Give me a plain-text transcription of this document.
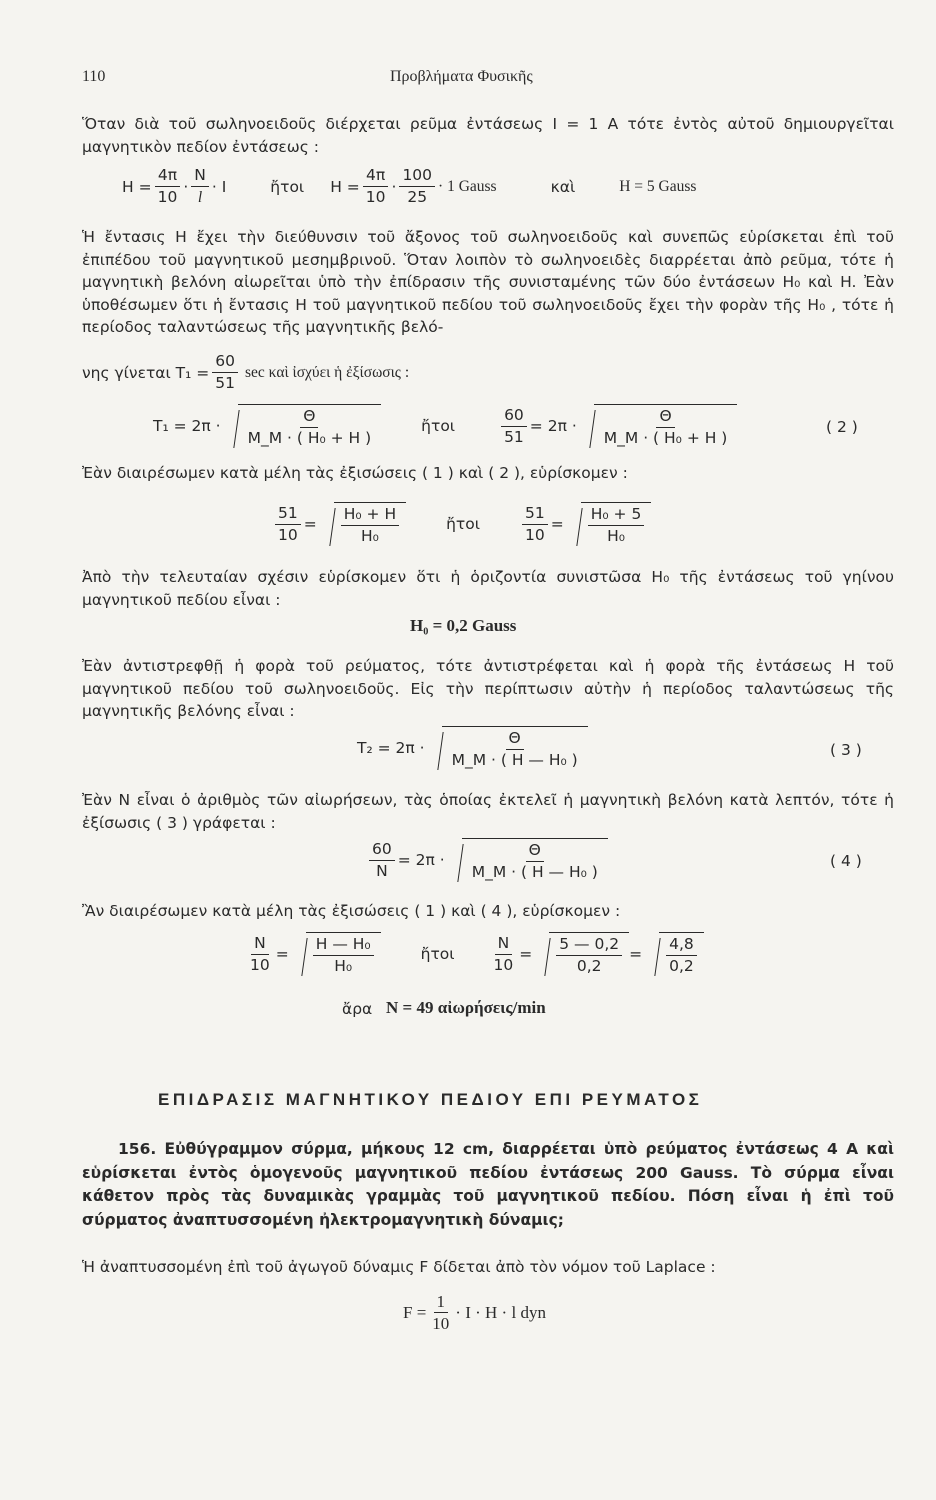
110	Προβλήματα Φυσικῆς
Ὅταν διὰ τοῦ σωληνοειδοῦς διέρχεται ρεῦμα ἐντάσεως I = 1 A τότε ἐντὸς αὐτοῦ δημιουργεῖται μαγνητικὸν πεδίον ἐντάσεως :
$H = \frac{4\pi}{10} \cdot \frac{N}{l} \cdot I$	ἤτοι $H = \frac{4\pi}{10} \cdot \frac{100}{25} \cdot 1$ Gauss	καὶ	H = 5 Gauss
Ἡ ἔντασις H ἔχει τὴν διεύθυνσιν τοῦ ἄξονος τοῦ σωληνοειδοῦς καὶ συνεπῶς εὑρίσκεται ἐπὶ τοῦ ἐπιπέδου τοῦ μαγνητικοῦ μεσημβρινοῦ. Ὅταν λοιπὸν τὸ σωληνοειδὲς διαρρέεται ἀπὸ ρεῦμα, τότε ἡ μαγνητικὴ βελόνη αἰωρεῖται ὑπὸ τὴν ἐπίδρασιν τῆς συνισταμένης τῶν δύο ἐντάσεων H₀ καὶ H. Ἐὰν ὑποθέσωμεν ὅτι ἡ ἔντασις H τοῦ μαγνητικοῦ πεδίου τοῦ σωληνοειδοῦς ἔχει τὴν φορὰν τῆς H₀ , τότε ἡ περίοδος ταλαντώσεως τῆς μαγνητικῆς βελό-
νης γίνεται $T_1 = \frac{60}{51}$ sec καὶ ἰσχύει ἡ ἐξίσωσις :
$T_1 = 2\pi \cdot \frac{\Theta}{\text{M\_M · ( H₀ + H )}}$	ἤτοι	$\frac{60}{51} = 2\pi \cdot \frac{\Theta}{\text{M\_M · ( H₀ + H )}}$	( 2 )
Ἐὰν διαιρέσωμεν κατὰ μέλη τὰς ἐξισώσεις ( 1 ) καὶ ( 2 ), εὑρίσκομεν :
$\frac{51}{10} = \frac{\text{H₀ + H}}{\text{H₀}}$	ἤτοι	$\frac{51}{10} = \frac{\text{H₀ + 5}}{\text{H₀}}$
Ἀπὸ τὴν τελευταίαν σχέσιν εὑρίσκομεν ὅτι ἡ ὁριζοντία συνιστῶσα H₀ τῆς ἐντάσεως τοῦ γηίνου μαγνητικοῦ πεδίου εἶναι :
H₀ = 0,2 Gauss
Ἐὰν ἀντιστρεφθῇ ἡ φορὰ τοῦ ρεύματος, τότε ἀντιστρέφεται καὶ ἡ φορὰ τῆς ἐντάσεως H τοῦ μαγνητικοῦ πεδίου τοῦ σωληνοειδοῦς. Εἰς τὴν περίπτωσιν αὐτὴν ἡ περίοδος ταλαντώσεως τῆς μαγνητικῆς βελόνης εἶναι :
$T_2 = 2\pi \cdot \frac{\Theta}{\text{M\_M · ( H — H₀ )}}$	( 3 )
Ἐὰν N εἶναι ὁ ἀριθμὸς τῶν αἰωρήσεων, τὰς ὁποίας ἐκτελεῖ ἡ μαγνητικὴ βελόνη κατὰ λεπτόν, τότε ἡ ἐξίσωσις ( 3 ) γράφεται :
$\frac{60}{N} = 2\pi \cdot \frac{\Theta}{\text{M\_M · ( H — H₀ )}}$	( 4 )
Ἂν διαιρέσωμεν κατὰ μέλη τὰς ἐξισώσεις ( 1 ) καὶ ( 4 ), εὑρίσκομεν :
$\frac{N}{10} = \frac{\text{H — H₀}}{\text{H₀}}$	ἤτοι $\frac{N}{10} = \frac{5 — 0,2}{0,2} = \frac{4,8}{0,2}$
ἄρα N = 49 αἰωρήσεις/min
ΕΠΙΔΡΑΣΙΣ ΜΑΓΝΗΤΙΚΟΥ ΠΕΔΙΟΥ ΕΠΙ ΡΕΥΜΑΤΟΣ
156. Εὐθύγραμμον σύρμα, μήκους 12 cm, διαρρέεται ὑπὸ ρεύματος ἐντάσεως 4 A καὶ εὑρίσκεται ἐντὸς ὁμογενοῦς μαγνητικοῦ πεδίου ἐντάσεως 200 Gauss. Τὸ σύρμα εἶναι κάθετον πρὸς τὰς δυναμικὰς γραμμὰς τοῦ μαγνητικοῦ πεδίου. Πόση εἶναι ἡ ἐπὶ τοῦ σύρματος ἀναπτυσσομένη ἠλεκτρομαγνητικὴ δύναμις;
Ἡ ἀναπτυσσομένη ἐπὶ τοῦ ἀγωγοῦ δύναμις F δίδεται ἀπὸ τὸν νόμον τοῦ Laplace :
$F = \frac{1}{10} \cdot I \cdot H \cdot l$ dyn
